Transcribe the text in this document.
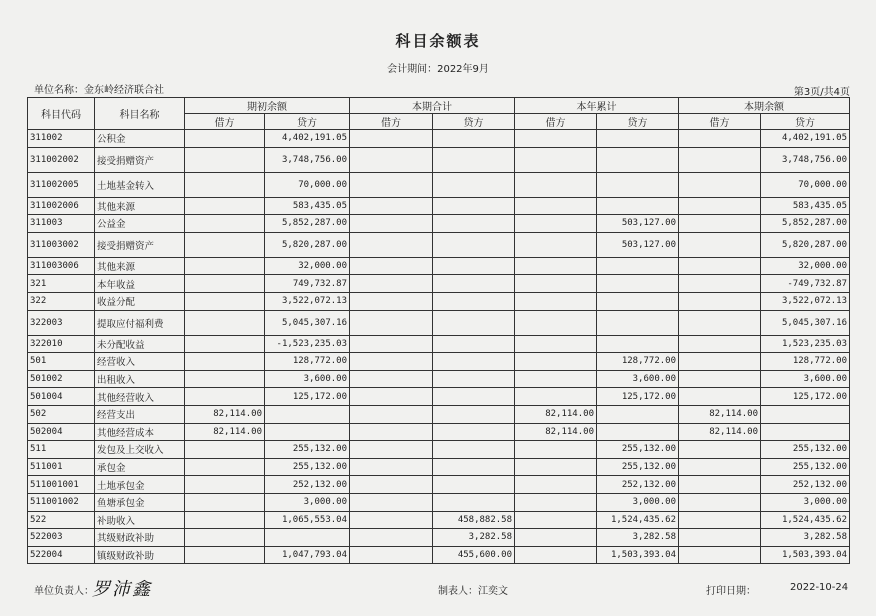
科目余额表
会计期间：2022年9月
单位名称：金东岭经济联合社	第3页/共4页
科目代码	科目名称	期初余额		本期合计		本年累计		本期余额	
		借方	贷方	借方	贷方	借方	贷方	借方	贷方
311002	公积金		4,402,191.05						4,402,191.05
311002002	接受捐赠资产		3,748,756.00						3,748,756.00
311002005	土地基金转入		70,000.00						70,000.00
311002006	其他来源		583,435.05						583,435.05
311003	公益金		5,852,287.00				503,127.00		5,852,287.00
311003002	接受捐赠资产		5,820,287.00				503,127.00		5,820,287.00
311003006	其他来源		32,000.00						32,000.00
321	本年收益		749,732.87						-749,732.87
322	收益分配		3,522,072.13						3,522,072.13
322003	提取应付福利费		5,045,307.16						5,045,307.16
322010	未分配收益		-1,523,235.03						1,523,235.03
501	经营收入		128,772.00				128,772.00		128,772.00
501002	出租收入		3,600.00				3,600.00		3,600.00
501004	其他经营收入		125,172.00				125,172.00		125,172.00
502	经营支出	82,114.00				82,114.00		82,114.00	
502004	其他经营成本	82,114.00				82,114.00		82,114.00	
511	发包及上交收入		255,132.00				255,132.00		255,132.00
511001	承包金		255,132.00				255,132.00		255,132.00
511001001	土地承包金		252,132.00				252,132.00		252,132.00
511001002	鱼塘承包金		3,000.00				3,000.00		3,000.00
522	补助收入		1,065,553.04		458,882.58		1,524,435.62		1,524,435.62
522003	其级财政补助				3,282.58		3,282.58		3,282.58
522004	镇级财政补助		1,047,793.04		455,600.00		1,503,393.04		1,503,393.04
单位负责人：
罗沛鑫	制表人：江奕文	打印日期：	2022-10-24
